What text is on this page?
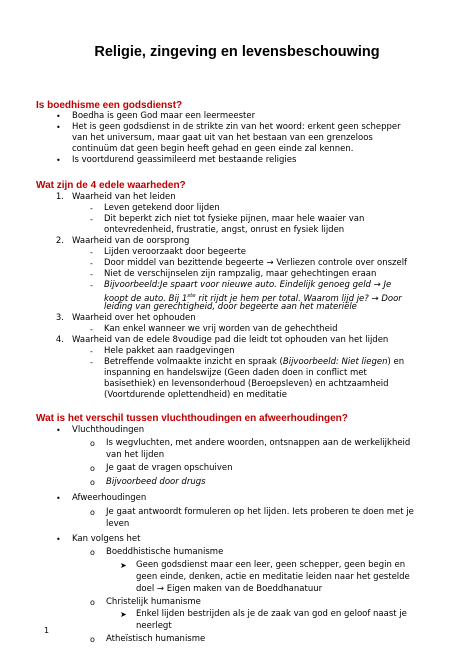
Religie, zingeving en levensbeschouwing
Is boedhisme een godsdienst?
• Boedha is geen God maar een leermeester
• Het is geen godsdienst in de strikte zin van het woord: erkent geen schepper
van het universum, maar gaat uit van het bestaan van een grenzeloos
continuüm dat geen begin heeft gehad en geen einde zal kennen.
• Is voortdurend geassimileerd met bestaande religies
Wat zijn de 4 edele waarheden?
1. Waarheid van het leiden
- Leven getekend door lijden
- Dit beperkt zich niet tot fysieke pijnen, maar hele waaier van
ontevredenheid, frustratie, angst, onrust en fysiek lijden
2. Waarheid van de oorsprong
- Lijden veroorzaakt door begeerte
- Door middel van bezittende begeerte → Verliezen controle over onszelf
- Niet de verschijnselen zijn rampzalig, maar gehechtingen eraan
- Bijvoorbeeld:Je spaart voor nieuwe auto. Eindelijk genoeg geld → Je
koopt de auto. Bij 1ste rit rijdt je hem per total. Waarom lijd je? → Door
leiding van gerechtigheid, door begeerte aan het materiële
3. Waarheid over het ophouden
- Kan enkel wanneer we vrij worden van de gehechtheid
4. Waarheid van de edele 8voudige pad die leidt tot ophouden van het lijden
- Hele pakket aan raadgevingen
- Betreffende volmaakte inzicht en spraak (Bijvoorbeeld: Niet liegen) en
inspanning en handelswijze (Geen daden doen in conflict met
basisethiek) en levensonderhoud (Beroepsleven) en achtzaamheid
(Voortdurende oplettendheid) en meditatie
Wat is het verschil tussen vluchthoudingen en afweerhoudingen?
• Vluchthoudingen
o Is wegvluchten, met andere woorden, ontsnappen aan de werkelijkheid
van het lijden
o Je gaat de vragen opschuiven
o Bijvoorbeed door drugs
• Afweerhoudingen
o Je gaat antwoordt formuleren op het lijden. Iets proberen te doen met je
leven
• Kan volgens het
o Boeddhistische humanisme
➤ Geen godsdienst maar een leer, geen schepper, geen begin en
geen einde, denken, actie en meditatie leiden naar het gestelde
doel → Eigen maken van de Boeddhanatuur
o Christelijk humanisme
➤ Enkel lijden bestrijden als je de zaak van god en geloof naast je
neerlegt
o Atheïstisch humanisme
1
